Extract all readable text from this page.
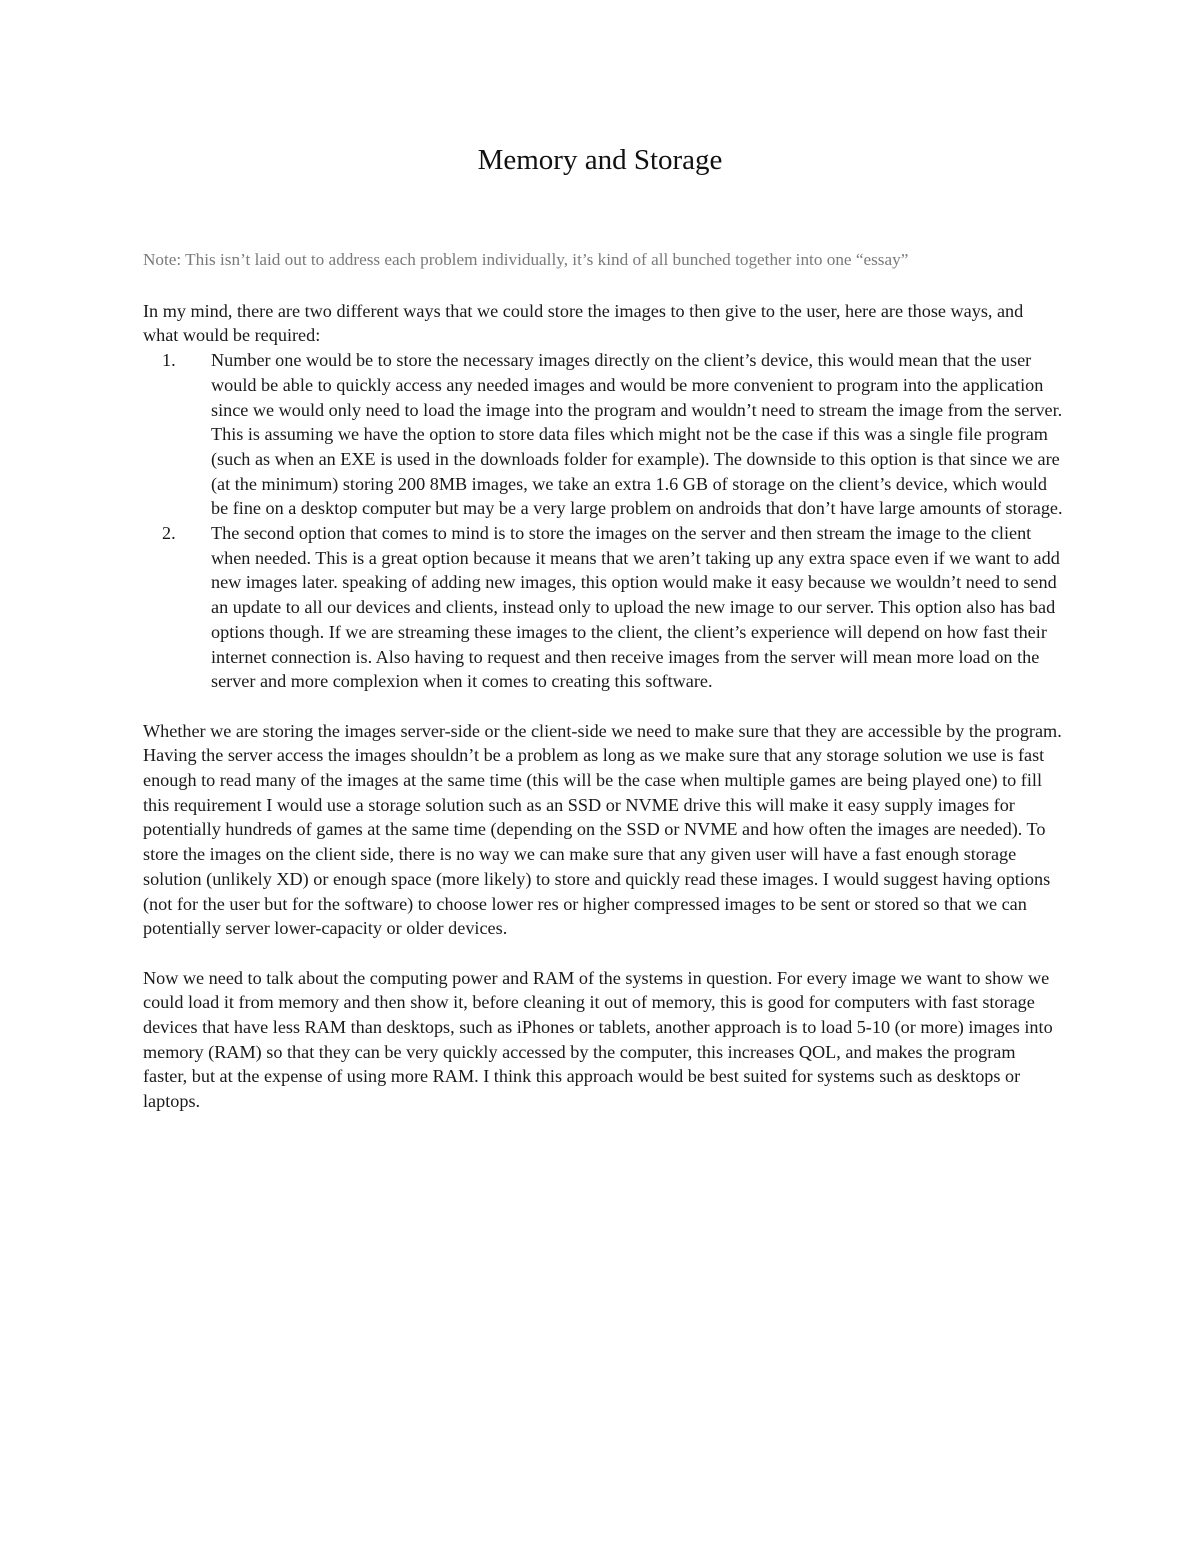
Memory and Storage

Note: This isn’t laid out to address each problem individually, it’s kind of all bunched together into one “essay”

In my mind, there are two different ways that we could store the images to then give to the user, here are those ways, and what would be required:

1. Number one would be to store the necessary images directly on the client’s device, this would mean that the user would be able to quickly access any needed images and would be more convenient to program into the application since we would only need to load the image into the program and wouldn’t need to stream the image from the server. This is assuming we have the option to store data files which might not be the case if this was a single file program (such as when an EXE is used in the downloads folder for example). The downside to this option is that since we are (at the minimum) storing 200 8MB images, we take an extra 1.6 GB of storage on the client’s device, which would be fine on a desktop computer but may be a very large problem on androids that don’t have large amounts of storage.
2. The second option that comes to mind is to store the images on the server and then stream the image to the client when needed. This is a great option because it means that we aren’t taking up any extra space even if we want to add new images later. speaking of adding new images, this option would make it easy because we wouldn’t need to send an update to all our devices and clients, instead only to upload the new image to our server. This option also has bad options though. If we are streaming these images to the client, the client’s experience will depend on how fast their internet connection is. Also having to request and then receive images from the server will mean more load on the server and more complexion when it comes to creating this software.

Whether we are storing the images server-side or the client-side we need to make sure that they are accessible by the program. Having the server access the images shouldn’t be a problem as long as we make sure that any storage solution we use is fast enough to read many of the images at the same time (this will be the case when multiple games are being played one) to fill this requirement I would use a storage solution such as an SSD or NVME drive this will make it easy supply images for potentially hundreds of games at the same time (depending on the SSD or NVME and how often the images are needed). To store the images on the client side, there is no way we can make sure that any given user will have a fast enough storage solution (unlikely XD) or enough space (more likely) to store and quickly read these images. I would suggest having options (not for the user but for the software) to choose lower res or higher compressed images to be sent or stored so that we can potentially server lower-capacity or older devices.

Now we need to talk about the computing power and RAM of the systems in question. For every image we want to show we could load it from memory and then show it, before cleaning it out of memory, this is good for computers with fast storage devices that have less RAM than desktops, such as iPhones or tablets, another approach is to load 5-10 (or more) images into memory (RAM) so that they can be very quickly accessed by the computer, this increases QOL, and makes the program faster, but at the expense of using more RAM. I think this approach would be best suited for systems such as desktops or laptops.
